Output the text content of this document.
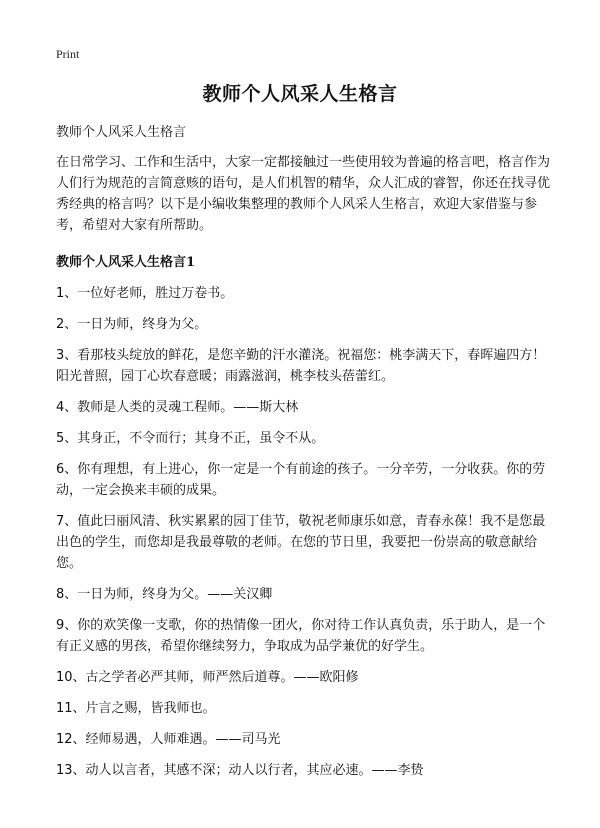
Print
教师个人风采人生格言

教师个人风采人生格言

在日常学习、工作和生活中，大家一定都接触过一些使用较为普遍的格言吧，格言作为人们行为规范的言简意赅的语句，是人们机智的精华，众人汇成的睿智，你还在找寻优秀经典的格言吗？以下是小编收集整理的教师个人风采人生格言，欢迎大家借鉴与参考，希望对大家有所帮助。

教师个人风采人生格言1

1、一位好老师，胜过万卷书。

2、一日为师，终身为父。

3、看那枝头绽放的鲜花，是您辛勤的汗水灌浇。祝福您：桃李满天下，春晖遍四方！阳光普照，园丁心坎春意暖；雨露滋润，桃李枝头蓓蕾红。

4、教师是人类的灵魂工程师。——斯大林

5、其身正，不令而行；其身不正，虽令不从。

6、你有理想，有上进心，你一定是一个有前途的孩子。一分辛劳，一分收获。你的劳动，一定会换来丰硕的成果。

7、值此曰丽风清、秋实累累的园丁佳节，敬祝老师康乐如意，青春永葆！我不是您最出色的学生，而您却是我最尊敬的老师。在您的节日里，我要把一份崇高的敬意献给您。

8、一日为师，终身为父。——关汉卿

9、你的欢笑像一支歌，你的热情像一团火，你对待工作认真负责，乐于助人，是一个有正义感的男孩，希望你继续努力，争取成为品学兼优的好学生。

10、古之学者必严其师，师严然后道尊。——欧阳修

11、片言之赐，皆我师也。

12、经师易遇，人师难遇。——司马光

13、动人以言者，其感不深；动人以行者，其应必速。——李贽
